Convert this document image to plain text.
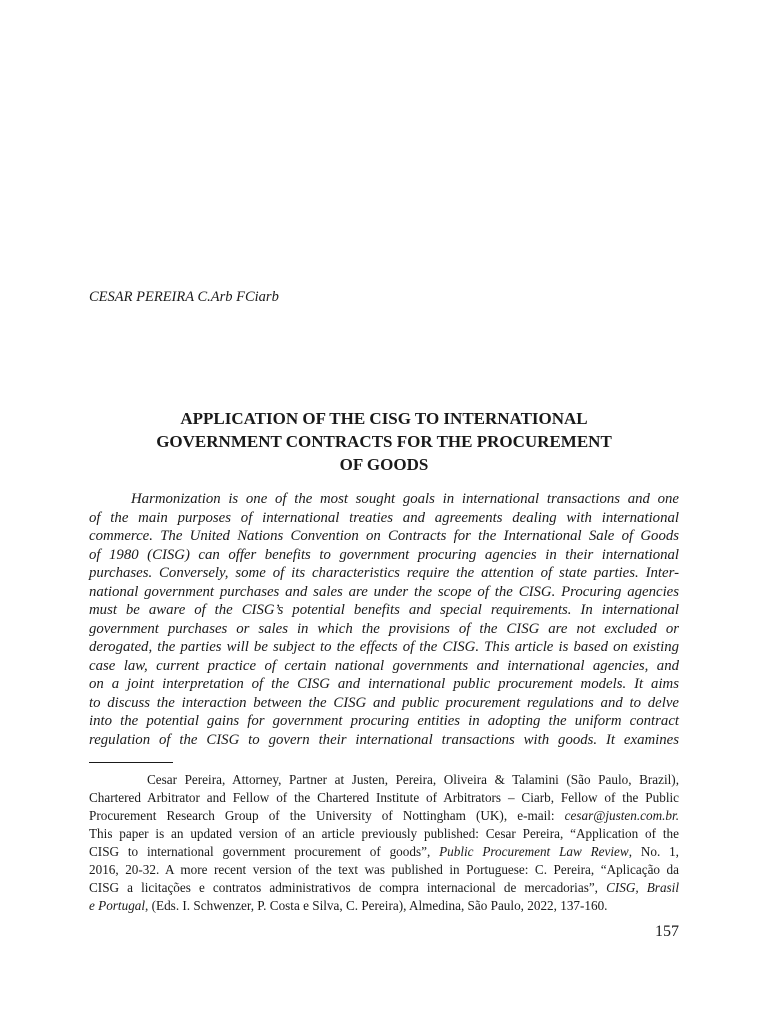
CESAR PEREIRA C.Arb FCiarb

APPLICATION OF THE CISG TO INTERNATIONAL
GOVERNMENT CONTRACTS FOR THE PROCUREMENT
OF GOODS
Harmonization is one of the most sought goals in international transactions and one
of the main purposes of international treaties and agreements dealing with international
commerce. The United Nations Convention on Contracts for the International Sale of Goods
of 1980 (CISG) can offer benefits to government procuring agencies in their international
purchases. Conversely, some of its characteristics require the attention of state parties. Inter-
national government purchases and sales are under the scope of the CISG. Procuring agencies
must be aware of the CISG’s potential benefits and special requirements. In international
government purchases or sales in which the provisions of the CISG are not excluded or
derogated, the parties will be subject to the effects of the CISG. This article is based on existing
case law, current practice of certain national governments and international agencies, and
on a joint interpretation of the CISG and international public procurement models. It aims
to discuss the interaction between the CISG and public procurement regulations and to delve
into the potential gains for government procuring entities in adopting the uniform contract
regulation of the CISG to govern their international transactions with goods. It examines
Cesar Pereira, Attorney, Partner at Justen, Pereira, Oliveira & Talamini (São Paulo, Brazil),
Chartered Arbitrator and Fellow of the Chartered Institute of Arbitrators – Ciarb, Fellow of the Public
Procurement Research Group of the University of Nottingham (UK), e-mail: cesar@justen.com.br.
This paper is an updated version of an article previously published: Cesar Pereira, “Application of the
CISG to international government procurement of goods”, Public Procurement Law Review, No. 1,
2016, 20-32. A more recent version of the text was published in Portuguese: C. Pereira, “Aplicação da
CISG a licitações e contratos administrativos de compra internacional de mercadorias”, CISG, Brasil
e Portugal, (Eds. I. Schwenzer, P. Costa e Silva, C. Pereira), Almedina, São Paulo, 2022, 137-160.

157
